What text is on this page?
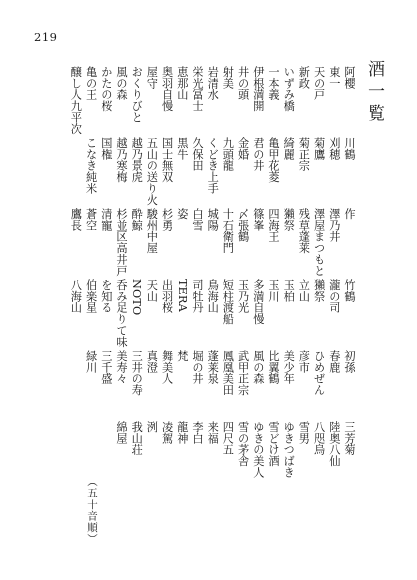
219
酒一覧
阿櫻
東一
天の戸
新政
いずみ橋
一本義
伊根満開
井の頭
射美
岩清水
栄光冨士
恵那山
奥羽自慢
屋守
おくりびと
風の森
かたの桜
亀の王
醸し人九平次
川鶴
刈穂
菊鷹
菊正宗
綺麗
亀甲花菱
君の井
金婚
九頭龍
くどき上手
久保田
黒牛
国士無双
五山の送り火
越乃景虎
越乃寒梅
国権
こなき純米
作
澤乃井
澤屋まつもと
残草蓬莱
獺祭
四海王
篠峯
〆張鶴
十石衛門
城陽
白雪
姿
杉勇
駿州中屋
酔鯨
杉並区高井戸
清寵
蒼空
鷹長
竹鶴
瀧の司
獺祭
立山
玉柏
玉川
多満自慢
玉乃光
短柱渡船
鳥海山
司牡丹
TERA
出羽桜
天山
NOTO
呑み足りて味
を知る
伯楽星
八海山
初孫
春鹿
ひめぜん
彦市
美少年
比翼鶴
風の森
武甲正宗
鳳凰美田
蓬莱泉
堀の井
梵
舞美人
真澄
三井の寿
美寿々
三千盛
緑川
三芳菊
陸奥八仙
八咫烏
雪男
ゆきつばき
雪どけ酒
ゆきの美人
雪の茅舎
四尺五
来福
李白
龍神
凌駕
洌
我山荘
綿屋
（五十音順）
